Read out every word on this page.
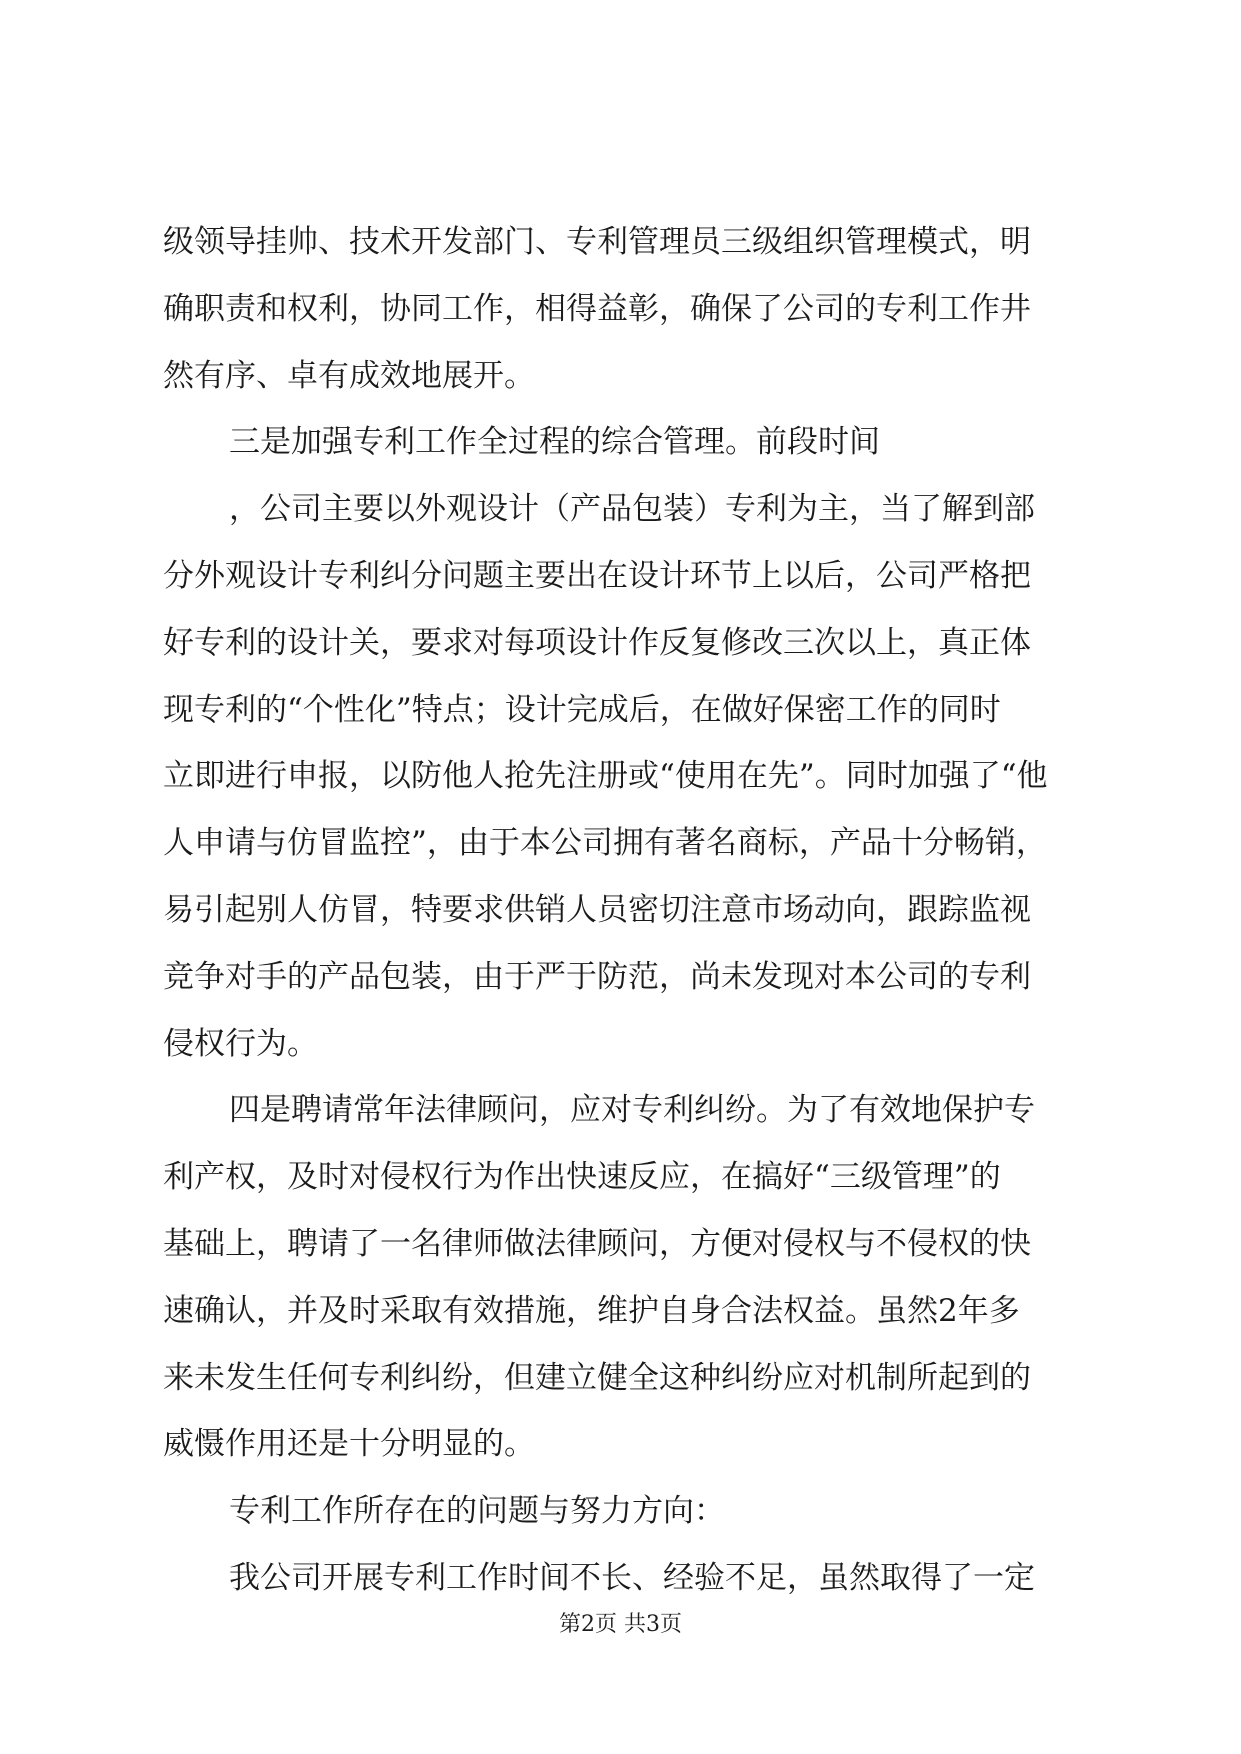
级领导挂帅、技术开发部门、专利管理员三级组织管理模式，明
确职责和权利，协同工作，相得益彰，确保了公司的专利工作井
然有序、卓有成效地展开。
三是加强专利工作全过程的综合管理。前段时间
，公司主要以外观设计（产品包装）专利为主，当了解到部
分外观设计专利纠分问题主要出在设计环节上以后，公司严格把
好专利的设计关，要求对每项设计作反复修改三次以上，真正体
现专利的“个性化”特点；设计完成后，在做好保密工作的同时
立即进行申报，以防他人抢先注册或“使用在先”。同时加强了“他
人申请与仿冒监控”，由于本公司拥有著名商标，产品十分畅销，
易引起别人仿冒，特要求供销人员密切注意市场动向，跟踪监视
竞争对手的产品包装，由于严于防范，尚未发现对本公司的专利
侵权行为。
四是聘请常年法律顾问，应对专利纠纷。为了有效地保护专
利产权，及时对侵权行为作出快速反应，在搞好“三级管理”的
基础上，聘请了一名律师做法律顾问，方便对侵权与不侵权的快
速确认，并及时采取有效措施，维护自身合法权益。虽然2年多
来未发生任何专利纠纷，但建立健全这种纠纷应对机制所起到的
威慑作用还是十分明显的。
专利工作所存在的问题与努力方向：
我公司开展专利工作时间不长、经验不足，虽然取得了一定
第2页 共3页
